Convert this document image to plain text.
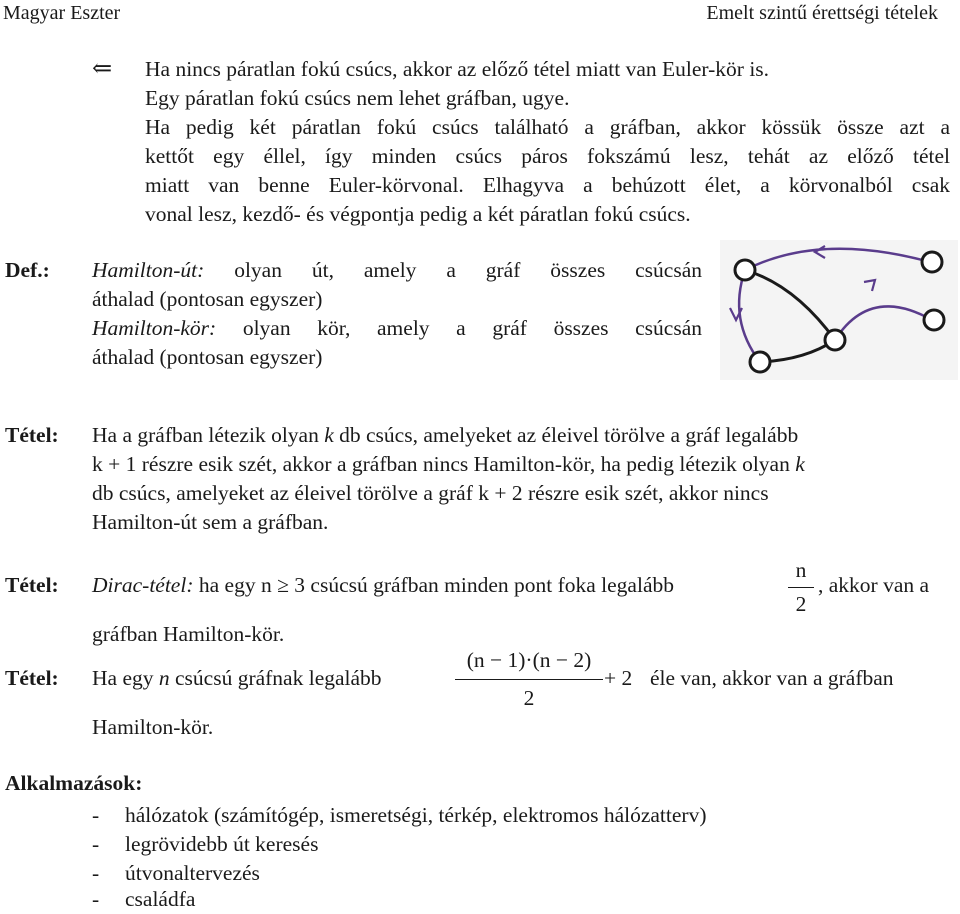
Magyar Eszter	Emelt szintű érettségi tételek
⇐ Ha nincs páratlan fokú csúcs, akkor az előző tétel miatt van Euler-kör is.
Egy páratlan fokú csúcs nem lehet gráfban, ugye.
Ha pedig két páratlan fokú csúcs található a gráfban, akkor kössük össze azt a
kettőt egy éllel, így minden csúcs páros fokszámú lesz, tehát az előző tétel
miatt van benne Euler-körvonal. Elhagyva a behúzott élet, a körvonalból csak
vonal lesz, kezdő- és végpontja pedig a két páratlan fokú csúcs.
Def.: Hamilton-út: olyan út, amely a gráf összes csúcsán
áthalad (pontosan egyszer)
Hamilton-kör: olyan kör, amely a gráf összes csúcsán
áthalad (pontosan egyszer)
Tétel: Ha a gráfban létezik olyan k db csúcs, amelyeket az éleivel törölve a gráf legalább
k + 1 részre esik szét, akkor a gráfban nincs Hamilton-kör, ha pedig létezik olyan k
db csúcs, amelyeket az éleivel törölve a gráf k + 2 részre esik szét, akkor nincs
Hamilton-út sem a gráfban.
Tétel: Dirac-tétel: ha egy n ≥ 3 csúcsú gráfban minden pont foka legalább
n
2
, akkor van a
gráfban Hamilton-kör.
Tétel: Ha egy n csúcsú gráfnak legalább
(n − 1)·(n − 2)
2
+ 2 éle van, akkor van a gráfban
Hamilton-kör.
Alkalmazások:
- hálózatok (számítógép, ismeretségi, térkép, elektromos hálózatterv)
- legrövidebb út keresés
- útvonaltervezés
- családfa
